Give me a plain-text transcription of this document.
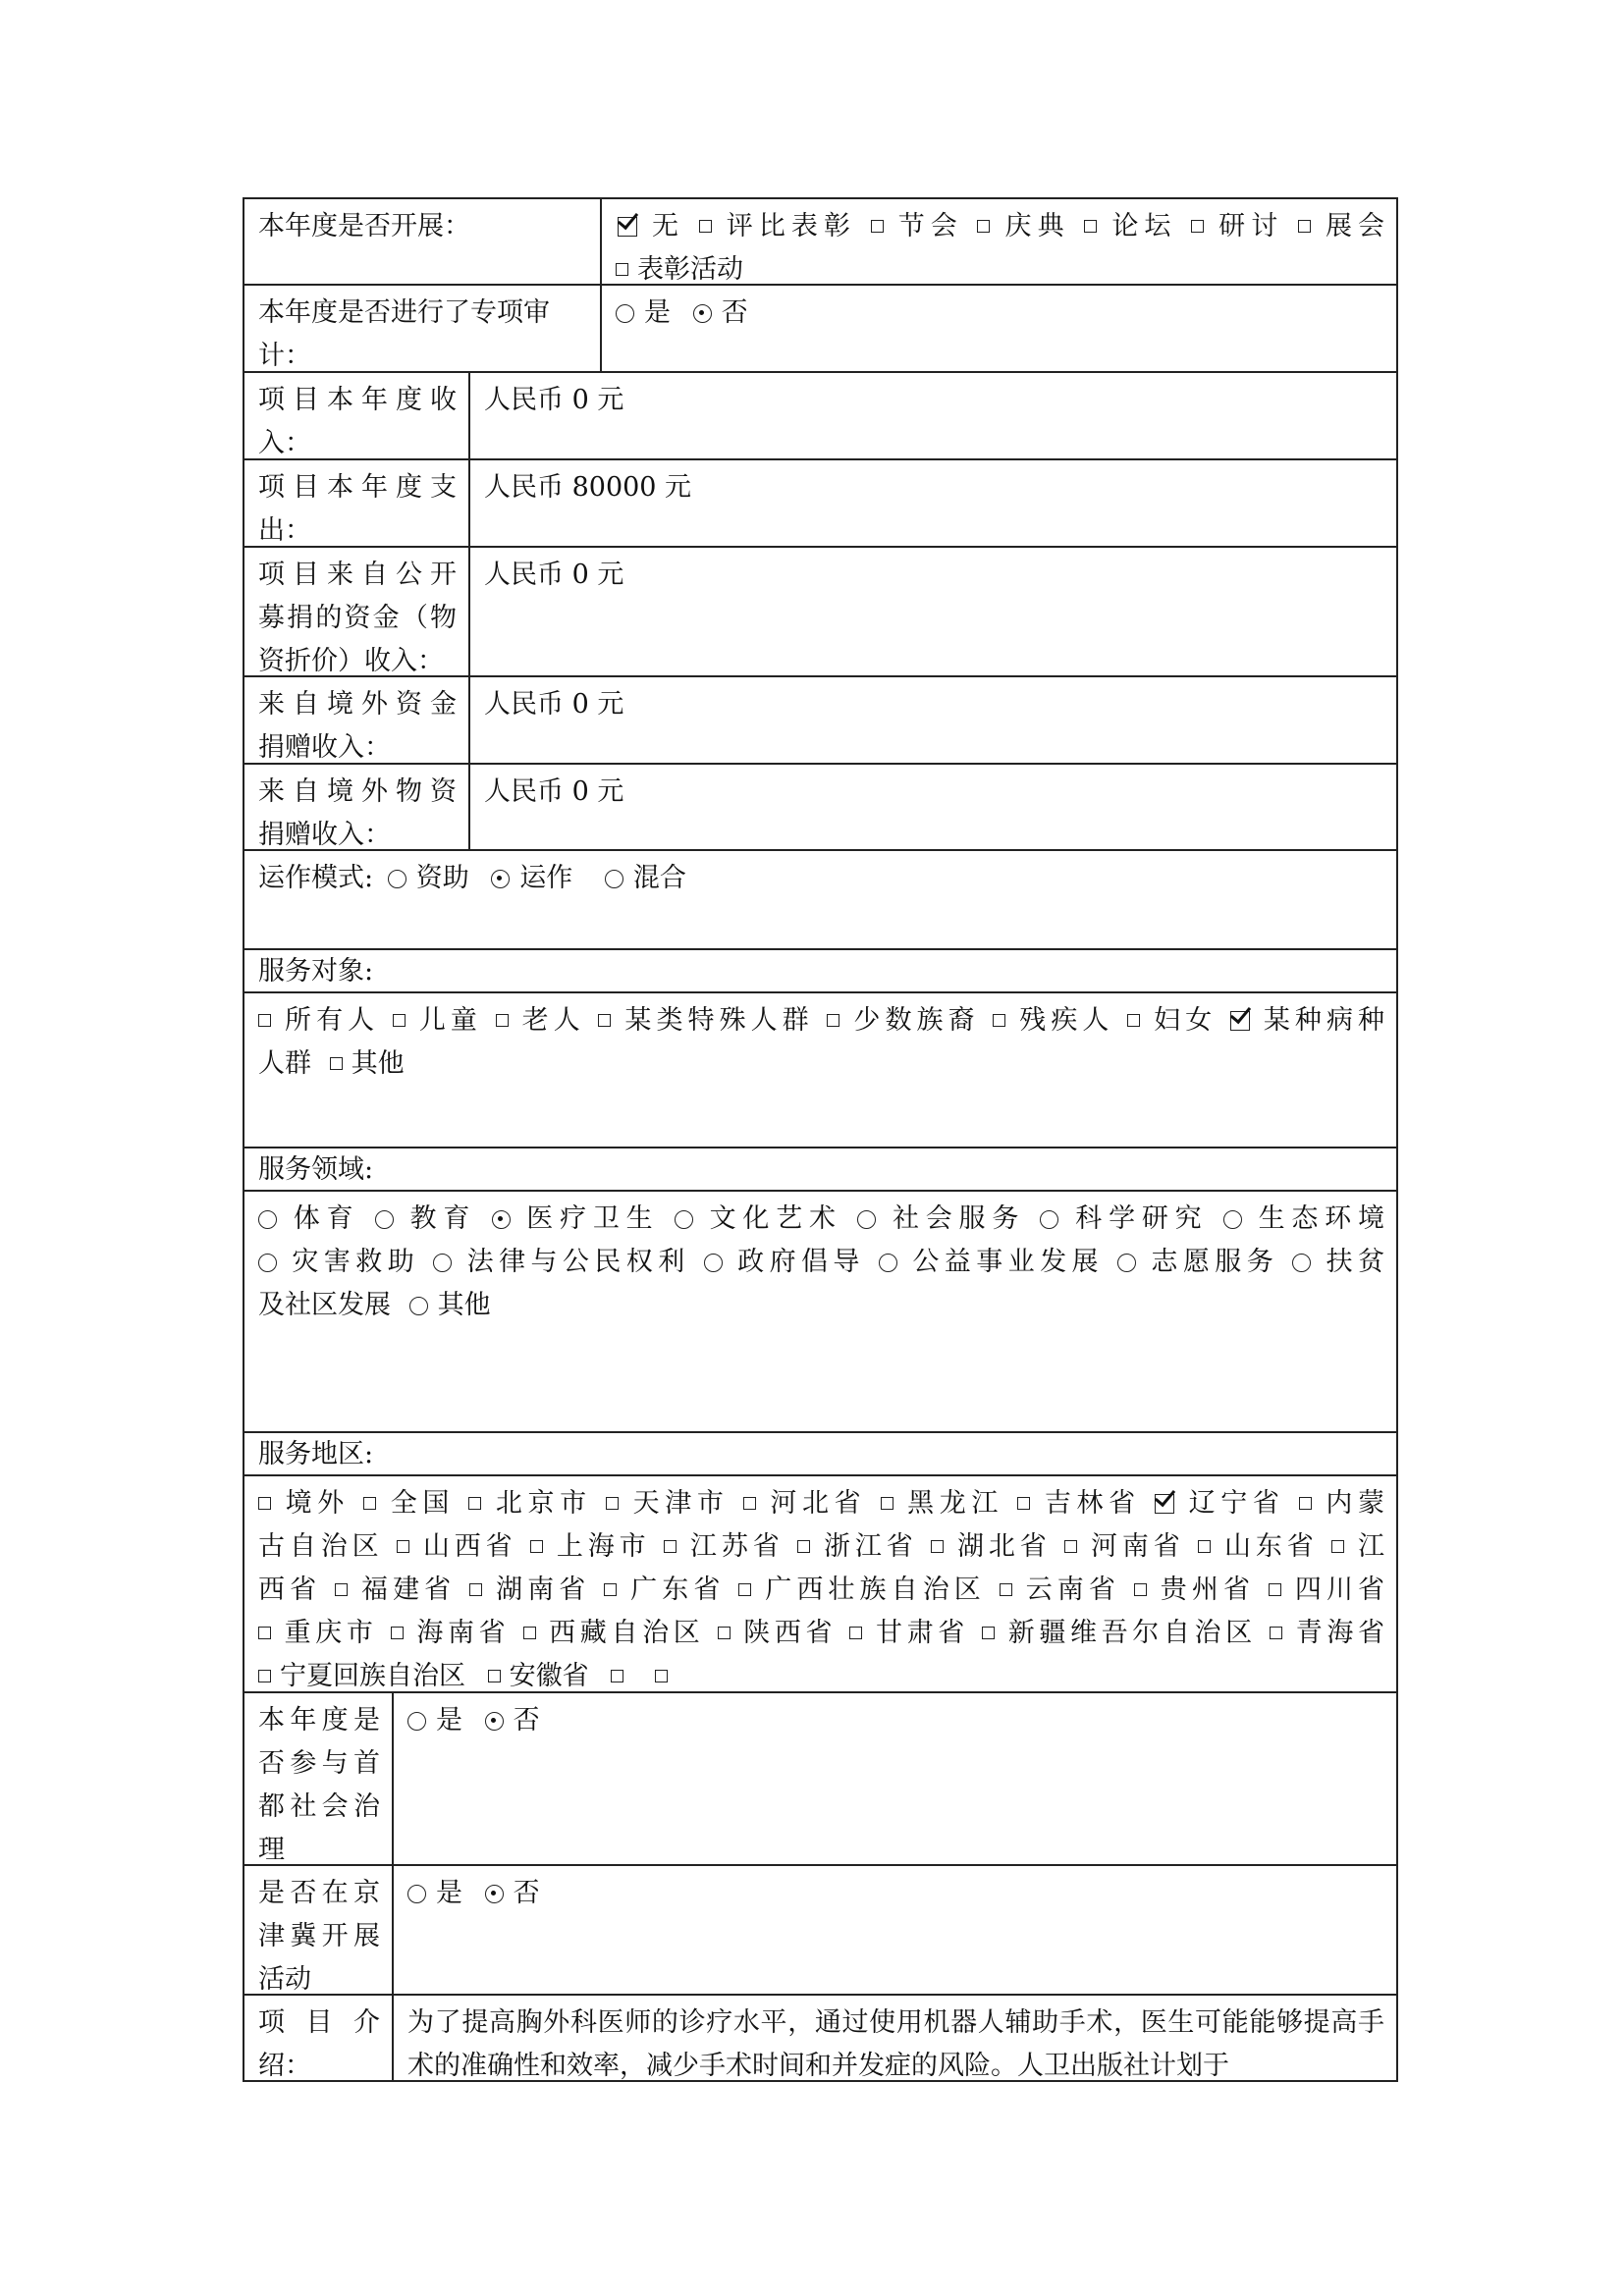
本年度是否开展：	无 评比表彰 节会 庆典 论坛 研讨 展会
表彰活动
本年度是否进行了专项审计：
是 否
项目本年度收
入：
人民币 0 元
项目本年度支
出：
人民币 80000 元
项目来自公开
募捐的资金（物
资折价）收入：
人民币 0 元
来自境外资金
捐赠收入：
人民币 0 元
来自境外物资
捐赠收入：
人民币 0 元
运作模式: 资助 运作 混合
服务对象:
所有人 儿童 老人 某类特殊人群 少数族裔 残疾人 妇女 某种病种
人群 其他
服务领域:
体育 教育 医疗卫生 文化艺术 社会服务 科学研究 生态环境
灾害救助 法律与公民权利 政府倡导 公益事业发展 志愿服务 扶贫
及社区发展 其他
服务地区:
境外 全国 北京市 天津市 河北省 黑龙江 吉林省 辽宁省 内蒙
古自治区 山西省 上海市 江苏省 浙江省 湖北省 河南省 山东省 江
西省 福建省 湖南省 广东省 广西壮族自治区 云南省 贵州省 四川省
重庆市 海南省 西藏自治区 陕西省 甘肃省 新疆维吾尔自治区 青海省
宁夏回族自治区 安徽省
本年度是
否参与首
都社会治
理
是 否
是否在京
津冀开展
活动
是 否
项 目 介
绍：
为了提高胸外科医师的诊疗水平，通过使用机器人辅助手术，医生可能能够提高手术的准确性和效率，减少手术时间和并发症的风险。人卫出版社计划于
